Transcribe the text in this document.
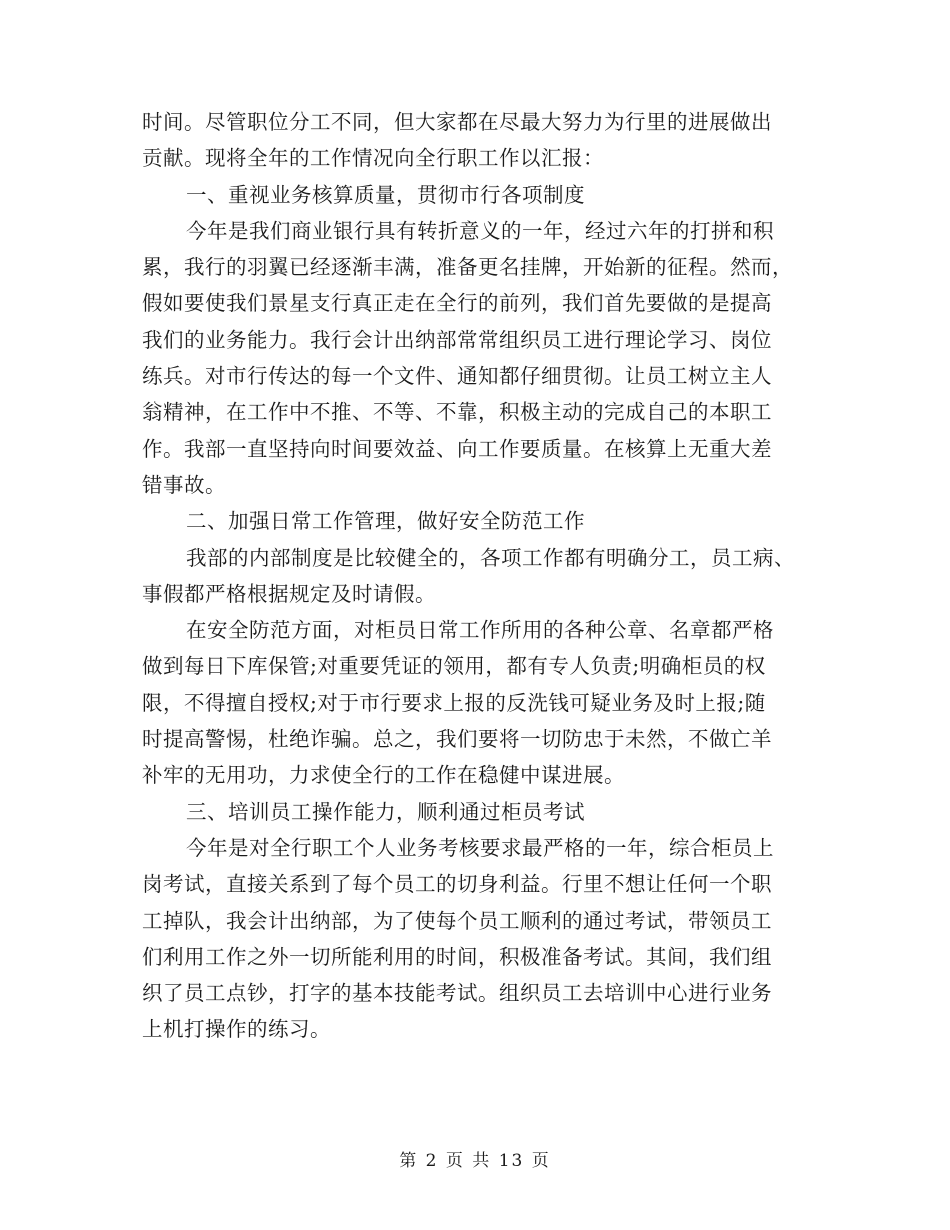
时间。尽管职位分工不同，但大家都在尽最大努力为行里的进展做出
贡献。现将全年的工作情况向全行职工作以汇报：
一、重视业务核算质量，贯彻市行各项制度
今年是我们商业银行具有转折意义的一年，经过六年的打拼和积
累，我行的羽翼已经逐渐丰满，准备更名挂牌，开始新的征程。然而，
假如要使我们景星支行真正走在全行的前列，我们首先要做的是提高
我们的业务能力。我行会计出纳部常常组织员工进行理论学习、岗位
练兵。对市行传达的每一个文件、通知都仔细贯彻。让员工树立主人
翁精神，在工作中不推、不等、不靠，积极主动的完成自己的本职工
作。我部一直坚持向时间要效益、向工作要质量。在核算上无重大差
错事故。
二、加强日常工作管理，做好安全防范工作
我部的内部制度是比较健全的，各项工作都有明确分工，员工病、
事假都严格根据规定及时请假。
在安全防范方面，对柜员日常工作所用的各种公章、名章都严格
做到每日下库保管;对重要凭证的领用，都有专人负责;明确柜员的权
限，不得擅自授权;对于市行要求上报的反洗钱可疑业务及时上报;随
时提高警惕，杜绝诈骗。总之，我们要将一切防忠于未然，不做亡羊
补牢的无用功，力求使全行的工作在稳健中谋进展。
三、培训员工操作能力，顺利通过柜员考试
今年是对全行职工个人业务考核要求最严格的一年，综合柜员上
岗考试，直接关系到了每个员工的切身利益。行里不想让任何一个职
工掉队，我会计出纳部，为了使每个员工顺利的通过考试，带领员工
们利用工作之外一切所能利用的时间，积极准备考试。其间，我们组
织了员工点钞，打字的基本技能考试。组织员工去培训中心进行业务
上机打操作的练习。
第 2 页 共 13 页
